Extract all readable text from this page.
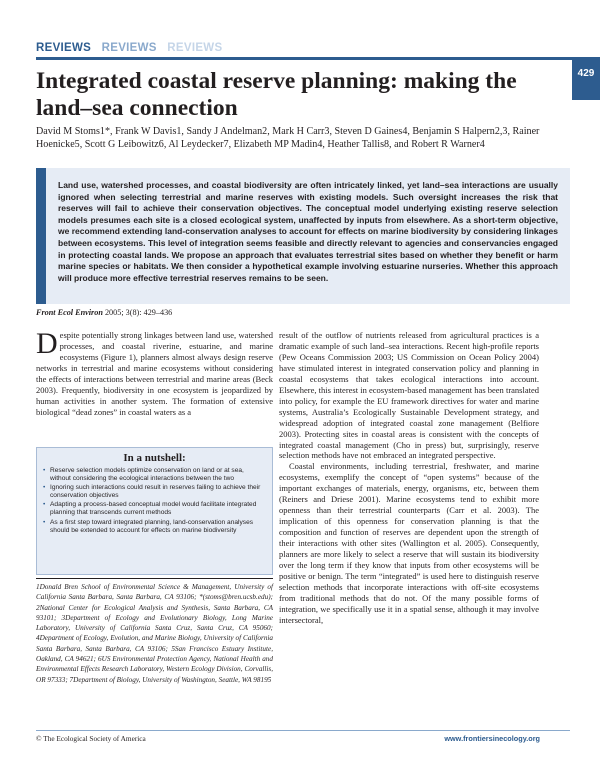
REVIEWS REVIEWS REVIEWS
429
Integrated coastal reserve planning: making the land–sea connection
David M Stoms1*, Frank W Davis1, Sandy J Andelman2, Mark H Carr3, Steven D Gaines4, Benjamin S Halpern2,3, Rainer Hoenicke5, Scott G Leibowitz6, Al Leydecker7, Elizabeth MP Madin4, Heather Tallis8, and Robert R Warner4
Land use, watershed processes, and coastal biodiversity are often intricately linked, yet land–sea interactions are usually ignored when selecting terrestrial and marine reserves with existing models. Such oversight increases the risk that reserves will fail to achieve their conservation objectives. The conceptual model underlying existing reserve selection models presumes each site is a closed ecological system, unaffected by inputs from elsewhere. As a short-term objective, we recommend extending land-conservation analyses to account for effects on marine biodiversity by considering linkages between ecosystems. This level of integration seems feasible and directly relevant to agencies and conservancies engaged in protecting coastal lands. We propose an approach that evaluates terrestrial sites based on whether they benefit or harm marine species or habitats. We then consider a hypothetical example involving estuarine nurseries. Whether this approach will produce more effective terrestrial reserves remains to be seen.
Front Ecol Environ 2005; 3(8): 429–436

Despite potentially strong linkages between land use, watershed processes, and coastal riverine, estuarine, and marine ecosystems (Figure 1), planners almost always design reserve networks in terrestrial and marine ecosystems without considering the effects of interactions between terrestrial and marine areas (Beck 2003). Frequently, biodiversity in one ecosystem is jeopardized by human activities in another system. The formation of extensive biological “dead zones” in coastal waters as a

In a nutshell:
• Reserve selection models optimize conservation on land or at sea, without considering the ecological interactions between the two
• Ignoring such interactions could result in reserves failing to achieve their conservation objectives
• Adapting a process-based conceptual model would facilitate integrated planning that transcends current methods
• As a first step toward integrated planning, land-conservation analyses should be extended to account for effects on marine biodiversity
1Donald Bren School of Environmental Science & Management, University of California Santa Barbara, Santa Barbara, CA 93106; *(stoms@bren.ucsb.edu); 2National Center for Ecological Analysis and Synthesis, Santa Barbara, CA 93101; 3Department of Ecology and Evolutionary Biology, Long Marine Laboratory, University of California Santa Cruz, Santa Cruz, CA 95060; 4Department of Ecology, Evolution, and Marine Biology, University of California Santa Barbara, Santa Barbara, CA 93106; 5San Francisco Estuary Institute, Oakland, CA 94621; 6US Environmental Protection Agency, National Health and Environmental Effects Research Laboratory, Western Ecology Division, Corvallis, OR 97333; 7Department of Biology, University of Washington, Seattle, WA 98195

result of the outflow of nutrients released from agricultural practices is a dramatic example of such land–sea interactions. Recent high-profile reports (Pew Oceans Commission 2003; US Commission on Ocean Policy 2004) have stimulated interest in integrated conservation policy and planning in coastal ecosystems that takes ecological interactions into account. Elsewhere, this interest in ecosystem-based management has been translated into policy, for example the EU framework directives for water and marine systems, Australia’s Ecologically Sustainable Development strategy, and widespread adoption of integrated coastal zone management (Belfiore 2003). Protecting sites in coastal areas is consistent with the concepts of integrated coastal management (Cho in press) but, surprisingly, reserve selection methods have not embraced an integrated perspective.

Coastal environments, including terrestrial, freshwater, and marine ecosystems, exemplify the concept of “open systems” because of the important exchanges of materials, energy, organisms, etc, between them (Reiners and Driese 2001). Marine ecosystems tend to exhibit more openness than their terrestrial counterparts (Carr et al. 2003). The implication of this openness for conservation planning is that the composition and function of reserves are dependent upon the strength of their interactions with other sites (Wallington et al. 2005). Consequently, planners are more likely to select a reserve that will sustain its biodiversity over the long term if they know that inputs from other ecosystems will be positive or benign. The term “integrated” is used here to distinguish reserve selection methods that incorporate interactions with off-site ecosystems from traditional methods that do not. Of the many possible forms of integration, we specifically use it in a spatial sense, although it may involve intersectoral,

© The Ecological Society of America	www.frontiersinecology.org
